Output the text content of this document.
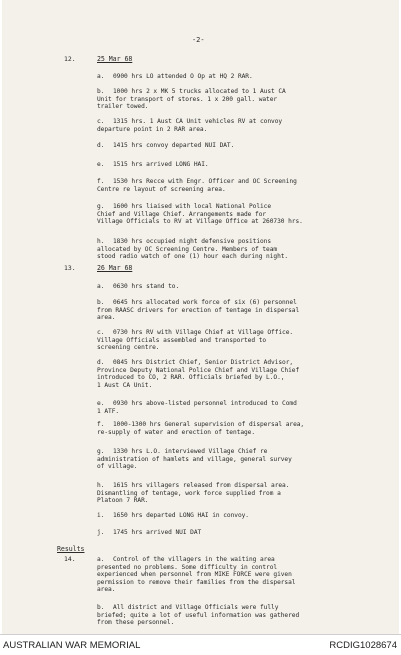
-2-
12.	25 Mar 68
a. 0900 hrs LO attended O Op at HQ 2 RAR.
b. 1000 hrs 2 x MK 5 trucks allocated to 1 Aust CA
Unit for transport of stores. 1 x 200 gall. water
trailer towed.
c. 1315 hrs. 1 Aust CA Unit vehicles RV at convoy
departure point in 2 RAR area.
d. 1415 hrs convoy departed NUI DAT.
e. 1515 hrs arrived LONG HAI.
f. 1530 hrs Recce with Engr. Officer and OC Screening
Centre re layout of screening area.
g. 1600 hrs liaised with local National Police
Chief and Village Chief. Arrangements made for
Village Officials to RV at Village Office at 260730 hrs.
h. 1830 hrs occupied night defensive positions
allocated by OC Screening Centre. Members of team
stood radio watch of one (1) hour each during night.
13.	26 Mar 68
a. 0630 hrs stand to.
b. 0645 hrs allocated work force of six (6) personnel
from RAASC drivers for erection of tentage in dispersal
area.
c. 0730 hrs RV with Village Chief at Village Office.
Village Officials assembled and transported to
screening centre.
d. 0845 hrs District Chief, Senior District Advisor,
Province Deputy National Police Chief and Village Chief
introduced to CO, 2 RAR. Officials briefed by L.O.,
1 Aust CA Unit.
e. 0930 hrs above-listed personnel introduced to Comd
1 ATF.
f. 1000-1300 hrs General supervision of dispersal area,
re-supply of water and erection of tentage.
g. 1330 hrs L.O. interviewed Village Chief re
administration of hamlets and village, general survey
of village.
h. 1615 hrs villagers released from dispersal area.
Dismantling of tentage, work force supplied from a
Platoon 7 RAR.
i. 1650 hrs departed LONG HAI in convoy.
j. 1745 hrs arrived NUI DAT
Results
14.	a. Control of the villagers in the waiting area
presented no problems. Some difficulty in control
experienced when personnel from MIKE FORCE were given
permission to remove their families from the dispersal
area.
b. All district and Village Officials were fully
briefed; quite a lot of useful information was gathered
from these personnel.
AUSTRALIAN WAR MEMORIAL	RCDIG1028674
